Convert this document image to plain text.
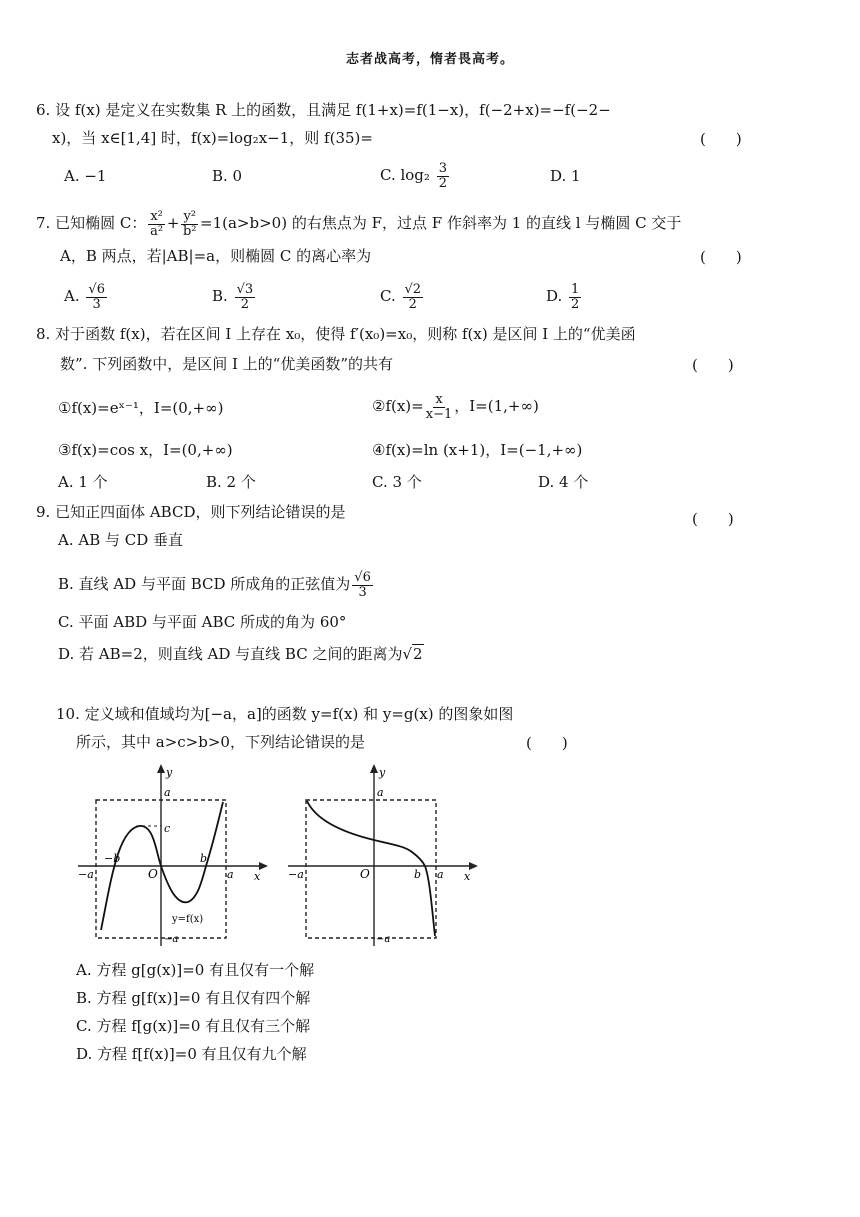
志者战高考，惰者畏高考。
6. 设 f(x) 是定义在实数集 R 上的函数，且满足 f(1+x)=f(1−x)，f(−2+x)=−f(−2−
x)，当 x∈[1,4] 时，f(x)=log₂x−1，则 f(35)=	(　　)
A. −1	B. 0	C. $\log_2 \frac{3}{2}$	D. 1
7. 已知椭圆 C： $\frac{\text{x²}}{\text{a²}} + \frac{\text{y²}}{\text{b²}} =1(a>b>0)$ 的右焦点为 F，过点 F 作斜率为 1 的直线 l 与椭圆 C 交于
A，B 两点，若|AB|=a，则椭圆 C 的离心率为	(　　)
A. $\frac{√6}{3}$	B. $\frac{√3}{2}$	C. $\frac{√2}{2}$	D. $\frac{1}{2}$
8. 对于函数 f(x)，若在区间 I 上存在 x₀，使得 f′(x₀)=x₀，则称 f(x) 是区间 I 上的“优美函
数”. 下列函数中，是区间 I 上的“优美函数”的共有	(　　)
①f(x)=eˣ⁻¹，I=(0,+∞)	②f(x)= $\frac{x}{x-1}$ ，I=(1,+∞)
③f(x)=cos x，I=(0,+∞)	④f(x)=ln (x+1)，I=(−1,+∞)
A. 1 个	B. 2 个	C. 3 个	D. 4 个
9. 已知正四面体 ABCD，则下列结论错误的是	(　　)
A. AB 与 CD 垂直
B. 直线 AD 与平面 BCD 所成角的正弦值为 $\frac{√6}{3}$
C. 平面 ABD 与平面 ABC 所成的角为 60°
D. 若 AB=2，则直线 AD 与直线 BC 之间的距离为√2
10. 定义域和值域均为[−a，a]的函数 y=f(x) 和 y=g(x) 的图象如图
所示，其中 a>c>b>0，下列结论错误的是	(　　)
y
a
c
−b	b
−a	O	a x
y=f(x)
−a
y
a
−a	O	b a x
−a
A. 方程 g[g(x)]=0 有且仅有一个解
B. 方程 g[f(x)]=0 有且仅有四个解
C. 方程 f[g(x)]=0 有且仅有三个解
D. 方程 f[f(x)]=0 有且仅有九个解
